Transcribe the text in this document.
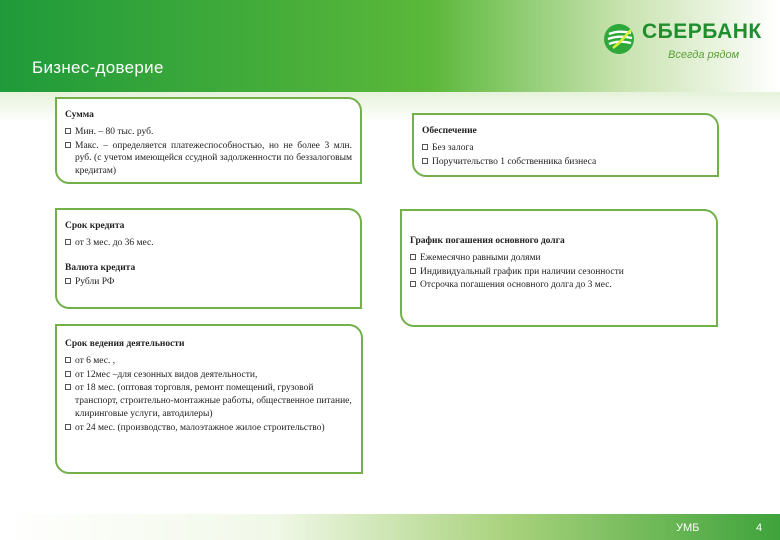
Бизнес-доверие
СБЕРБАНК
Всегда рядом
Сумма
Мин. – 80 тыс. руб.
Макс. – определяется платежеспособностью, но не более 3 млн. руб. (с учетом имеющейся ссудной задолженности по беззалоговым кредитам)
Обеспечение
Без залога
Поручительство 1 собственника бизнеса
Срок кредита
от 3 мес. до 36 мес.
Валюта кредита
Рубли РФ
График погашения основного долга
Ежемесячно равными долями
Индивидуальный график при наличии сезонности
Отсрочка погашения основного долга до 3 мес.
Срок ведения деятельности
от 6 мес. ,
от 12мес –для сезонных видов деятельности,
от 18 мес. (оптовая торговля, ремонт помещений, грузовой транспорт, строительно-монтажные работы, общественное питание, клиринговые услуги, автодилеры)
от 24 мес. (производство, малоэтажное жилое строительство)
УМБ	4
